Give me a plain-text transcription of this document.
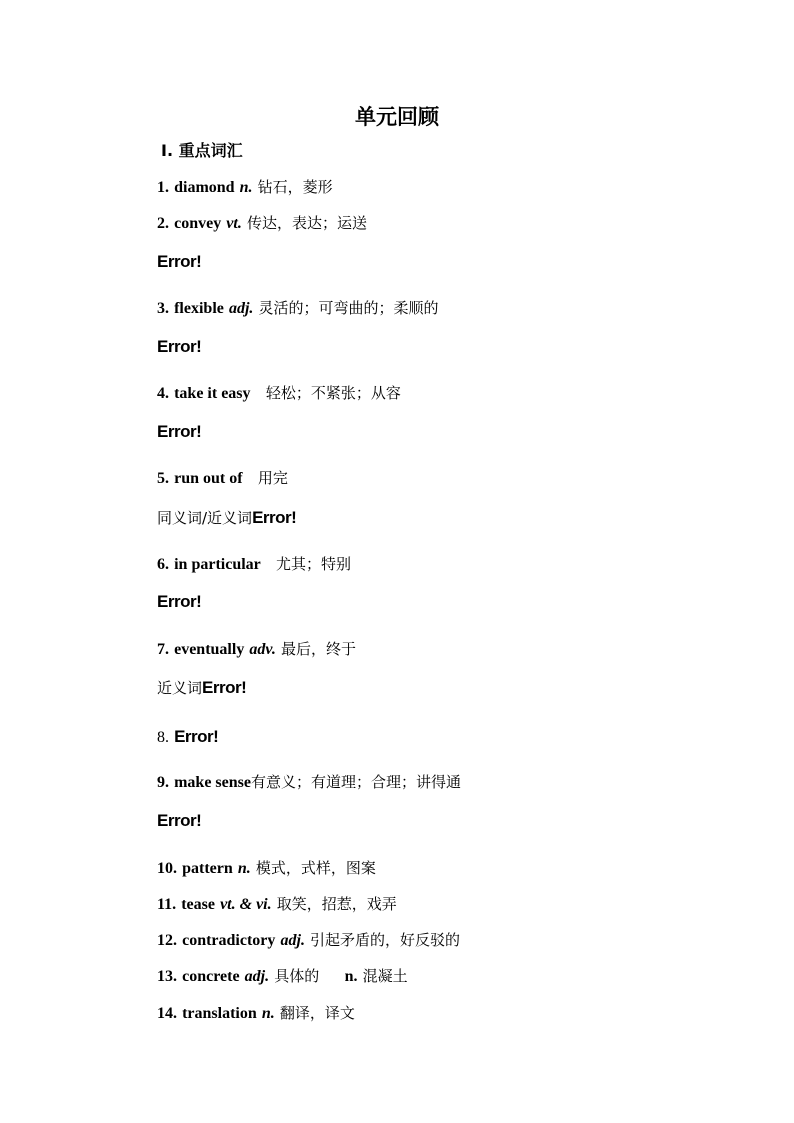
单元回顾
Ⅰ. 重点词汇
1. diamond n. 钻石，菱形
2. convey vt. 传达，表达；运送
Error!
3. flexible adj. 灵活的；可弯曲的；柔顺的
Error!
4. take it easy 轻松；不紧张；从容
Error!
5. run out of 用完
同义词/近义词Error!
6. in particular 尤其；特别
Error!
7. eventually adv. 最后，终于
近义词Error!
8. Error!
9. make sense有意义；有道理；合理；讲得通
Error!
10. pattern n. 模式，式样，图案
11. tease vt. & vi. 取笑，招惹，戏弄
12. contradictory adj. 引起矛盾的，好反驳的
13. concrete adj. 具体的 n. 混凝土
14. translation n. 翻译，译文
